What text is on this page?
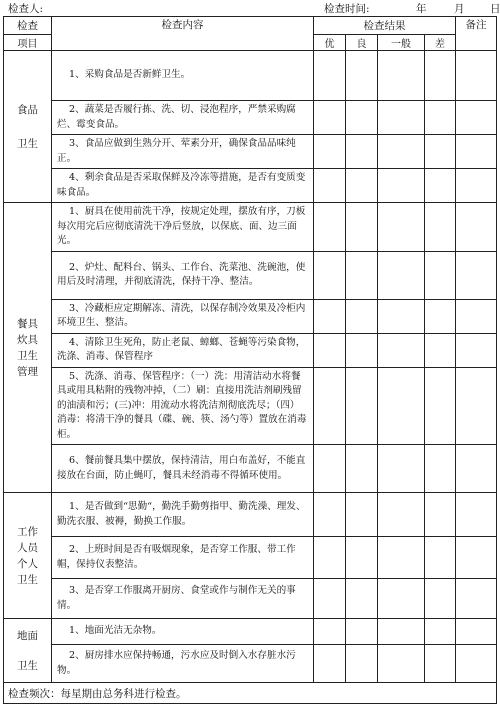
检查人:	检查时间:	年	月 日
检查	检查内容	检查结果				备注
项目		优	良	一般	差	

食品
卫生	1、采购食品是否新鲜卫生。					
	2、蔬菜是否履行拣、洗、切、浸泡程序，严禁采购腐烂、霉变食品。					
	3、食品应做到生熟分开、荤素分开，确保食品品味纯正。					
	4、剩余食品是否采取保鲜及冷冻等措施，是否有变质变味食品。					

餐具
炊具
卫生
管理	1、厨具在使用前洗干净，按规定处理，摆放有序，刀板每次用完后应彻底清洗干净后竖放，以保底、面、边三面光。					
	2、炉灶、配料台、锅头、工作台、洗菜池、洗碗池，使用后及时清理，并彻底清洗，保持干净、整洁。					
	3、冷藏柜应定期解冻、清洗，以保存制冷效果及冷柜内环境卫生、整洁。					
	4、清除卫生死角，防止老鼠、蟑螂、苍蝇等污染食物，洗涤、消毒、保管程序					
	5、洗涤、消毒、保管程序：（一）洗：用清洁动水将餐具或用具粘附的残物冲掉，（二）刷：直接用洗洁剂刷残留的油渍和污；(三)冲：用流动水将洗洁剂彻底洗尽；（四）消毒：将清干净的餐具（碟、碗、筷、汤勺等）置放在消毒柜。					
	6、餐前餐具集中摆放，保持清洁，用白布盖好，不能直接放在台面，防止蝇叮，餐具未经消毒不得循环使用。					

工作
人员
个人
卫生	1、是否做到“思勤“，勤洗手勤剪指甲、勤洗澡、理发、勤洗衣服、被褥，勤换工作服。					
	2、上班时间是否有吸烟现象，是否穿工作服、带工作帽，保持仪表整洁。					
	3、是否穿工作服离开厨房、食堂或作与制作无关的事情。					

地面
卫生	1、地面光洁无杂物。					
	2、厨房排水应保持畅通，污水应及时倒入水存脏水污物。					
检查频次：每星期由总务科进行检查。						
